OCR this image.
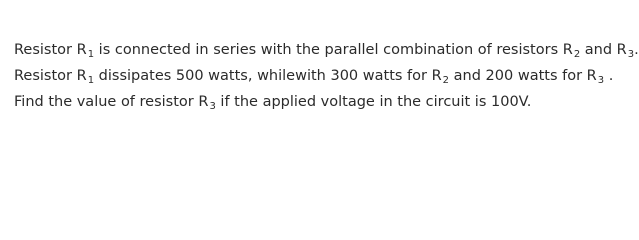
Resistor $R_1$ is connected in series with the parallel combination of resistors $R_2$ and $R_3$.
Resistor $R_1$ dissipates 500 watts, whilewith 300 watts for $R_2$ and 200 watts for $R_3$ .
Find the value of resistor $R_3$ if the applied voltage in the circuit is 100V.
